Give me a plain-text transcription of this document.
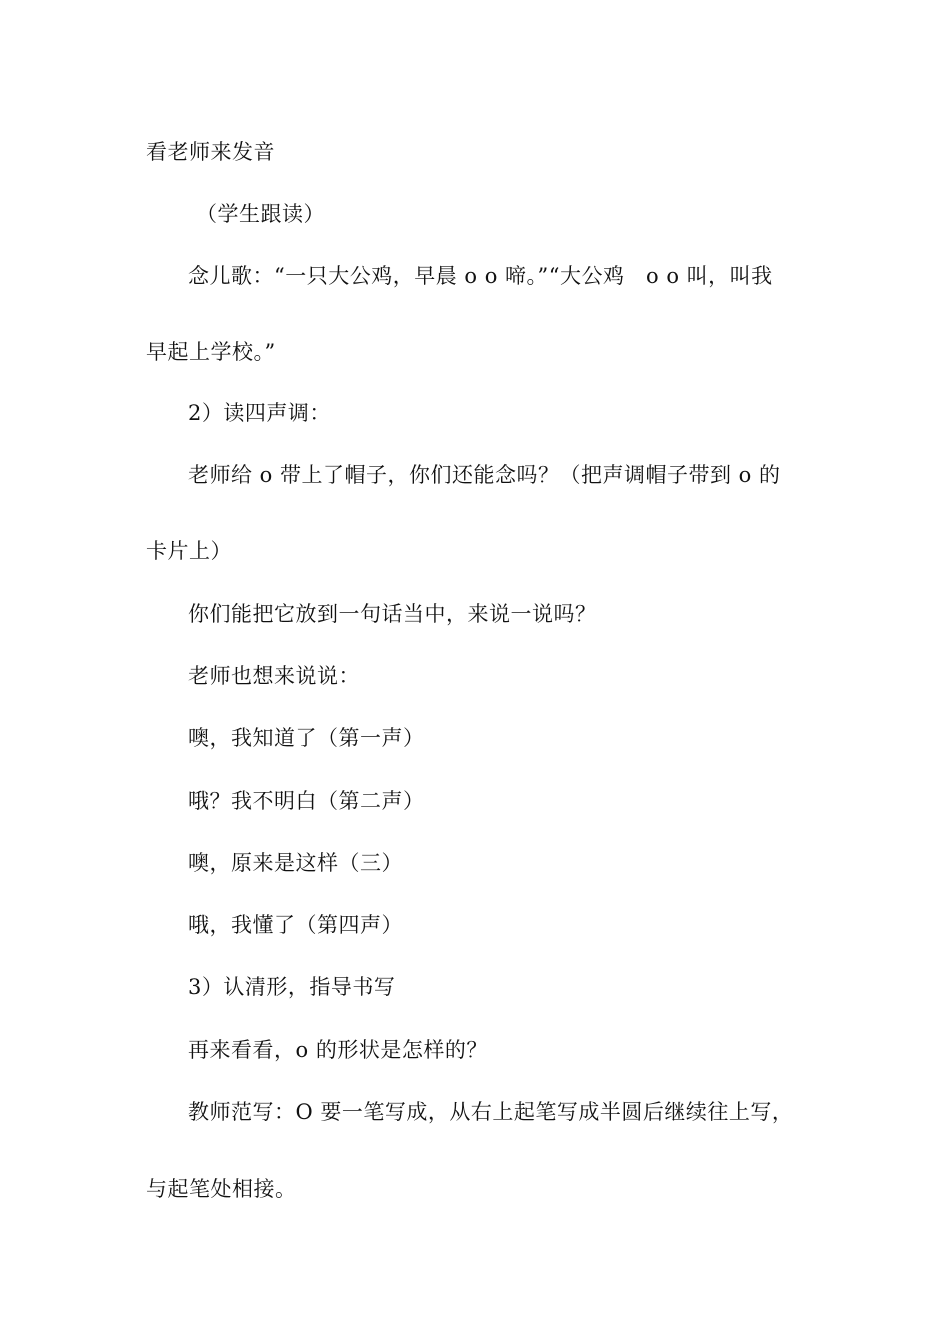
看老师来发音
（学生跟读）
念儿歌：“一只大公鸡，早晨 o o 啼。”“大公鸡　o o 叫，叫我
早起上学校。”
2）读四声调：
老师给 o 带上了帽子，你们还能念吗？（把声调帽子带到 o 的
卡片上）
你们能把它放到一句话当中，来说一说吗？
老师也想来说说：
噢，我知道了（第一声）
哦？我不明白（第二声）
噢，原来是这样（三）
哦，我懂了（第四声）
3）认清形，指导书写
再来看看，o 的形状是怎样的？
教师范写：O 要一笔写成，从右上起笔写成半圆后继续往上写，
与起笔处相接。
